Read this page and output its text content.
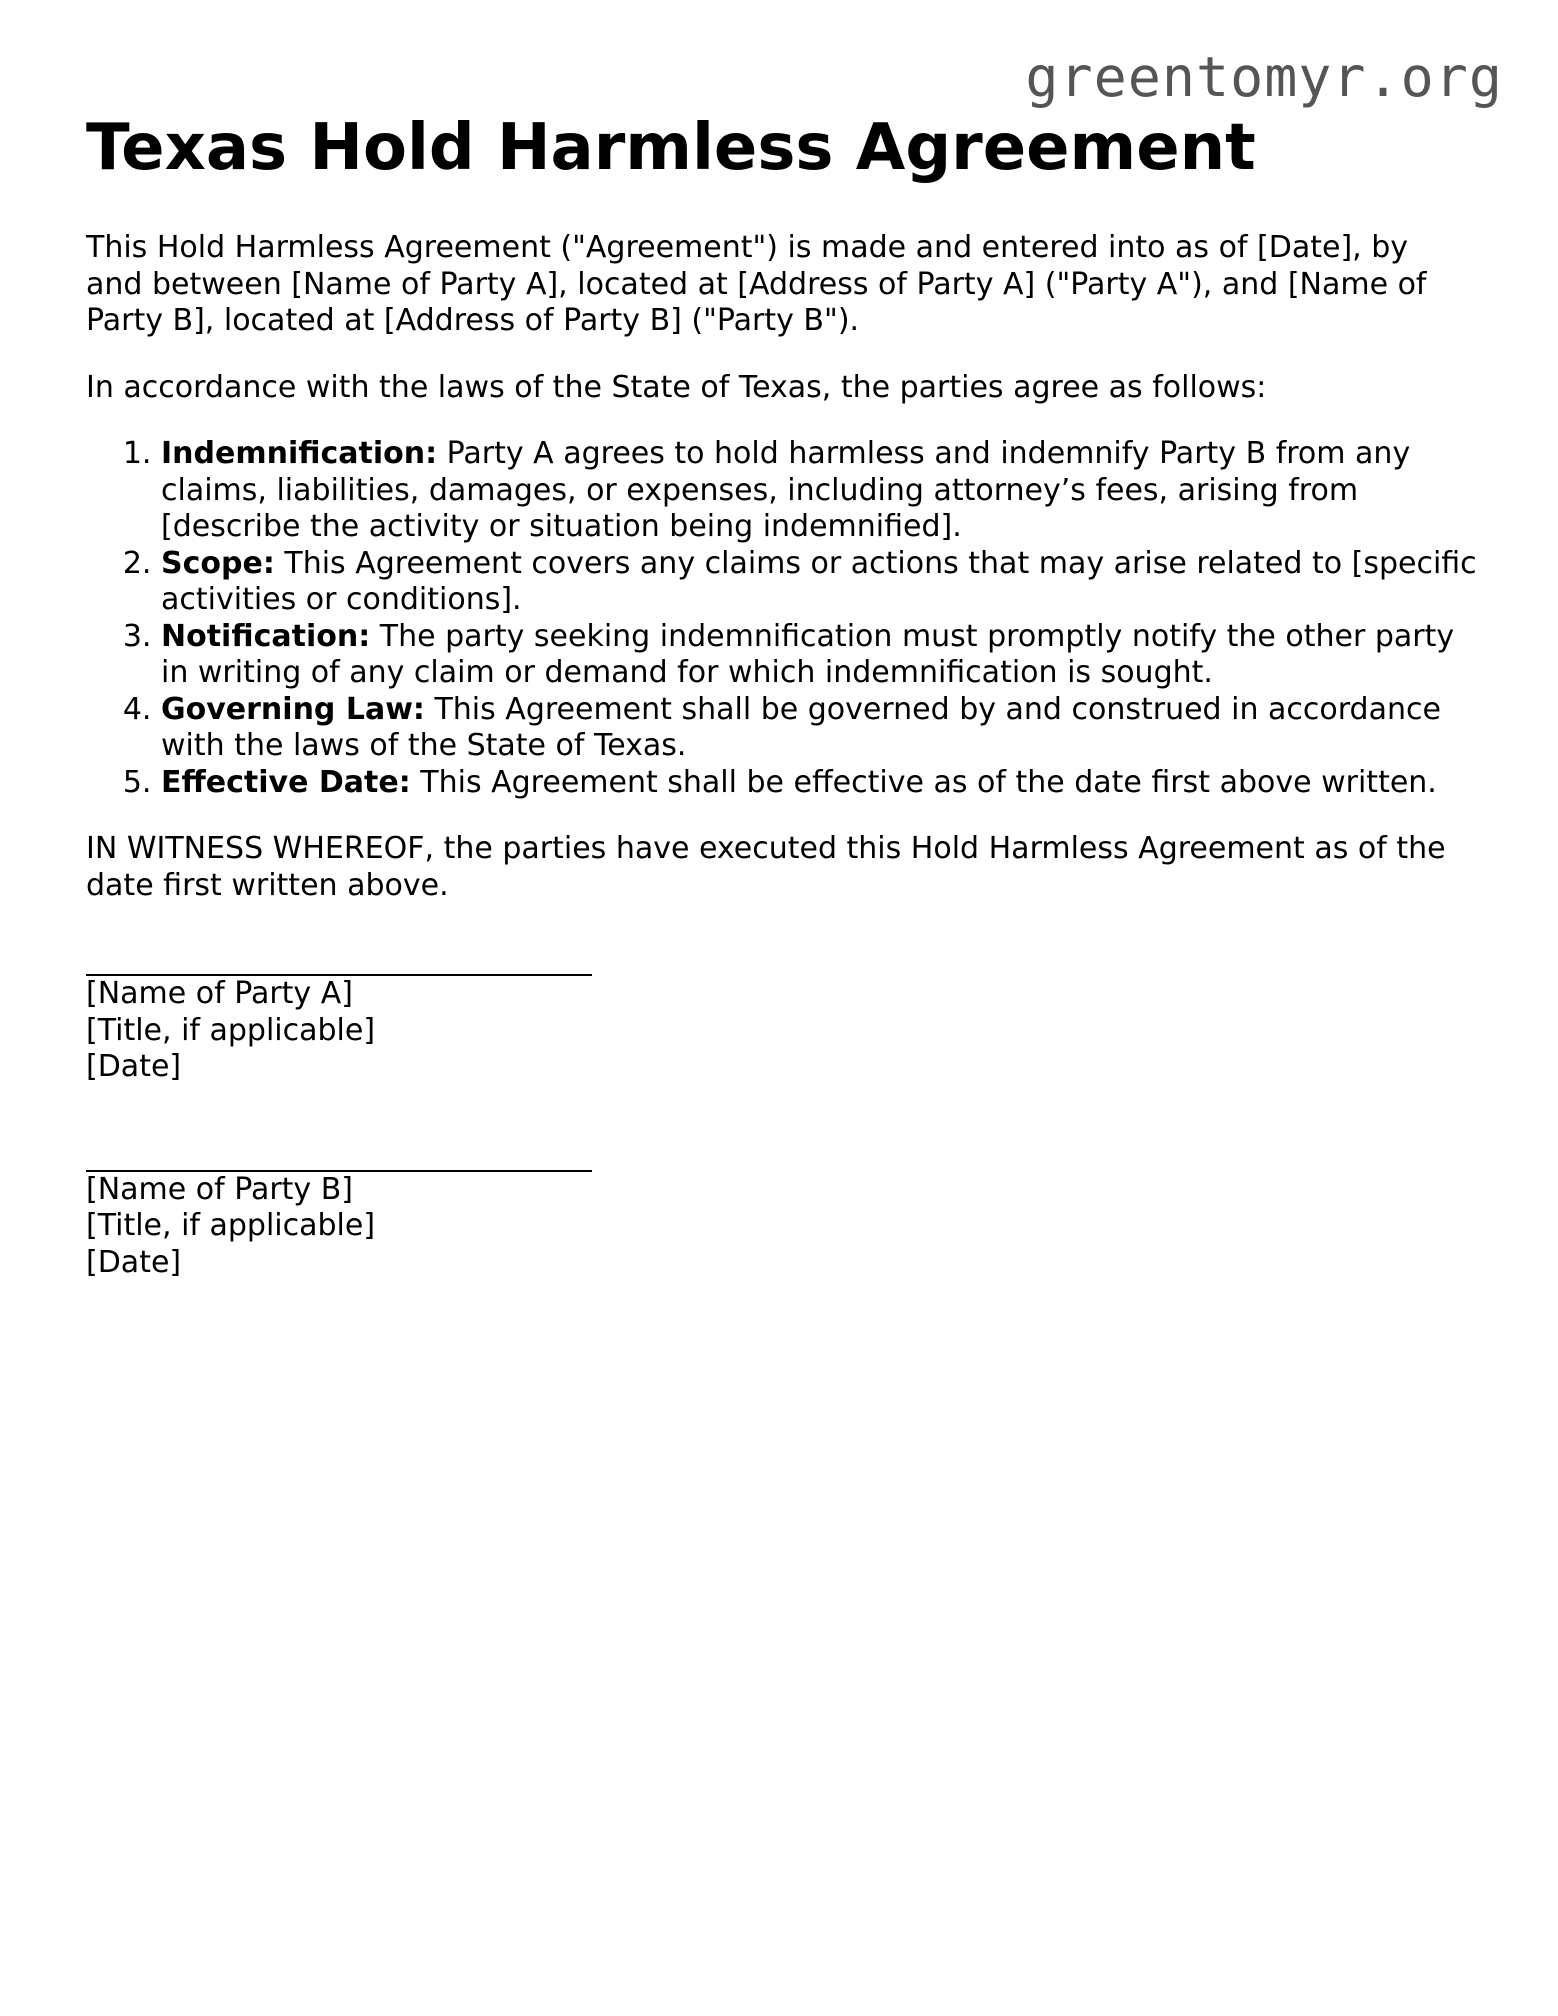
greentomyr.org
Texas Hold Harmless Agreement

This Hold Harmless Agreement ("Agreement") is made and entered into as of [Date], by and between [Name of Party A], located at [Address of Party A] ("Party A"), and [Name of Party B], located at [Address of Party B] ("Party B").

In accordance with the laws of the State of Texas, the parties agree as follows:

1. Indemnification: Party A agrees to hold harmless and indemnify Party B from any claims, liabilities, damages, or expenses, including attorney’s fees, arising from [describe the activity or situation being indemnified].
2. Scope: This Agreement covers any claims or actions that may arise related to [specific activities or conditions].
3. Notification: The party seeking indemnification must promptly notify the other party in writing of any claim or demand for which indemnification is sought.
4. Governing Law: This Agreement shall be governed by and construed in accordance with the laws of the State of Texas.
5. Effective Date: This Agreement shall be effective as of the date first above written.

IN WITNESS WHEREOF, the parties have executed this Hold Harmless Agreement as of the date first written above.

[Name of Party A]
[Title, if applicable]
[Date]
[Name of Party B]
[Title, if applicable]
[Date]
